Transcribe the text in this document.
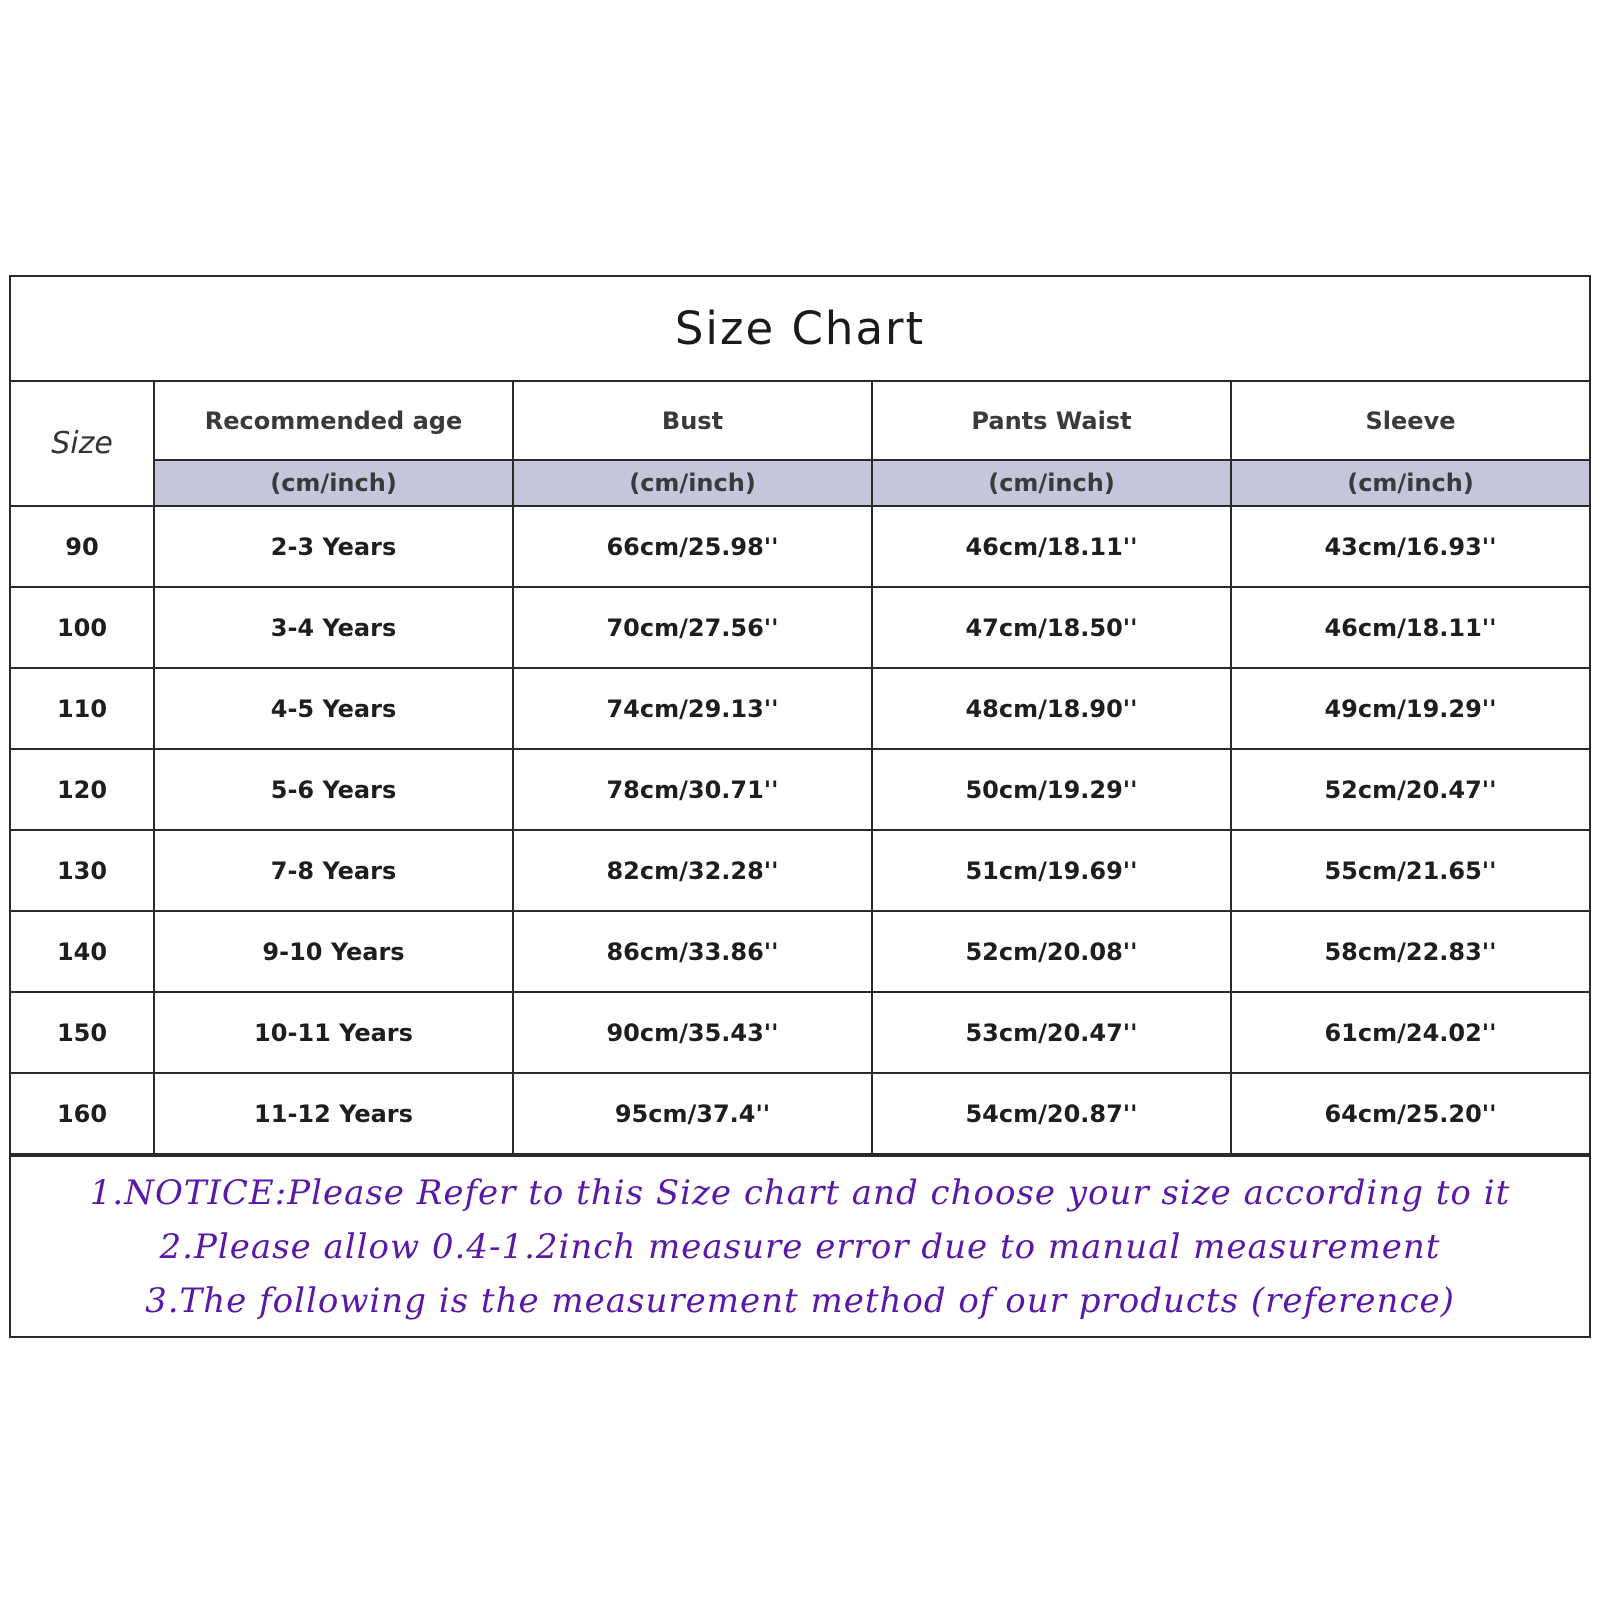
Size Chart
Size	Recommended age	Bust	Pants Waist	Sleeve
	(cm/inch)	(cm/inch)	(cm/inch)	(cm/inch)
90	2-3 Years	66cm/25.98''	46cm/18.11''	43cm/16.93''
100	3-4 Years	70cm/27.56''	47cm/18.50''	46cm/18.11''
110	4-5 Years	74cm/29.13''	48cm/18.90''	49cm/19.29''
120	5-6 Years	78cm/30.71''	50cm/19.29''	52cm/20.47''
130	7-8 Years	82cm/32.28''	51cm/19.69''	55cm/21.65''
140	9-10 Years	86cm/33.86''	52cm/20.08''	58cm/22.83''
150	10-11 Years	90cm/35.43''	53cm/20.47''	61cm/24.02''
160	11-12 Years	95cm/37.4''	54cm/20.87''	64cm/25.20''
1.NOTICE:Please Refer to this Size chart and choose your size according to it
2.Please allow 0.4-1.2inch measure error due to manual measurement
3.The following is the measurement method of our products (reference)
